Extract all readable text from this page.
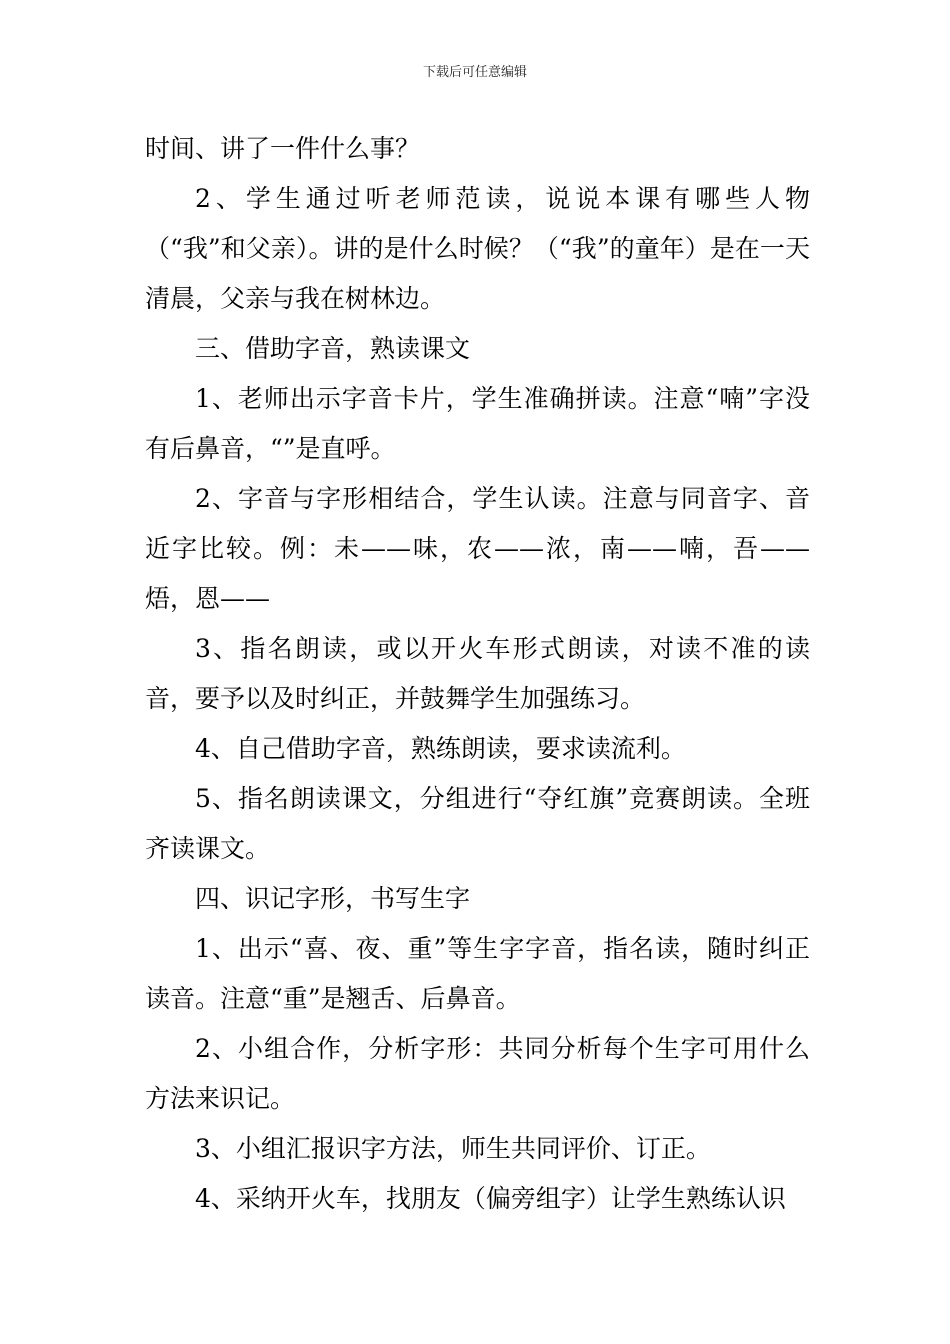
下载后可任意编辑

时间、讲了一件什么事？

2、学生通过听老师范读，说说本课有哪些人物（“我”和父亲）。讲的是什么时候？（“我”的童年）是在一天清晨，父亲与我在树林边。

三、借助字音，熟读课文

1、老师出示字音卡片，学生准确拼读。注意“喃”字没有后鼻音，“”是直呼。

2、字音与字形相结合，学生认读。注意与同音字、音近字比较。例：未——味，农——浓，南——喃，吾——焐，恩——

3、指名朗读，或以开火车形式朗读，对读不准的读音，要予以及时纠正，并鼓舞学生加强练习。

4、自己借助字音，熟练朗读，要求读流利。

5、指名朗读课文，分组进行“夺红旗”竞赛朗读。全班齐读课文。

四、识记字形，书写生字

1、出示“喜、夜、重”等生字字音，指名读，随时纠正读音。注意“重”是翘舌、后鼻音。

2、小组合作，分析字形：共同分析每个生字可用什么方法来识记。

3、小组汇报识字方法，师生共同评价、订正。

4、采纳开火车，找朋友（偏旁组字）让学生熟练认识
